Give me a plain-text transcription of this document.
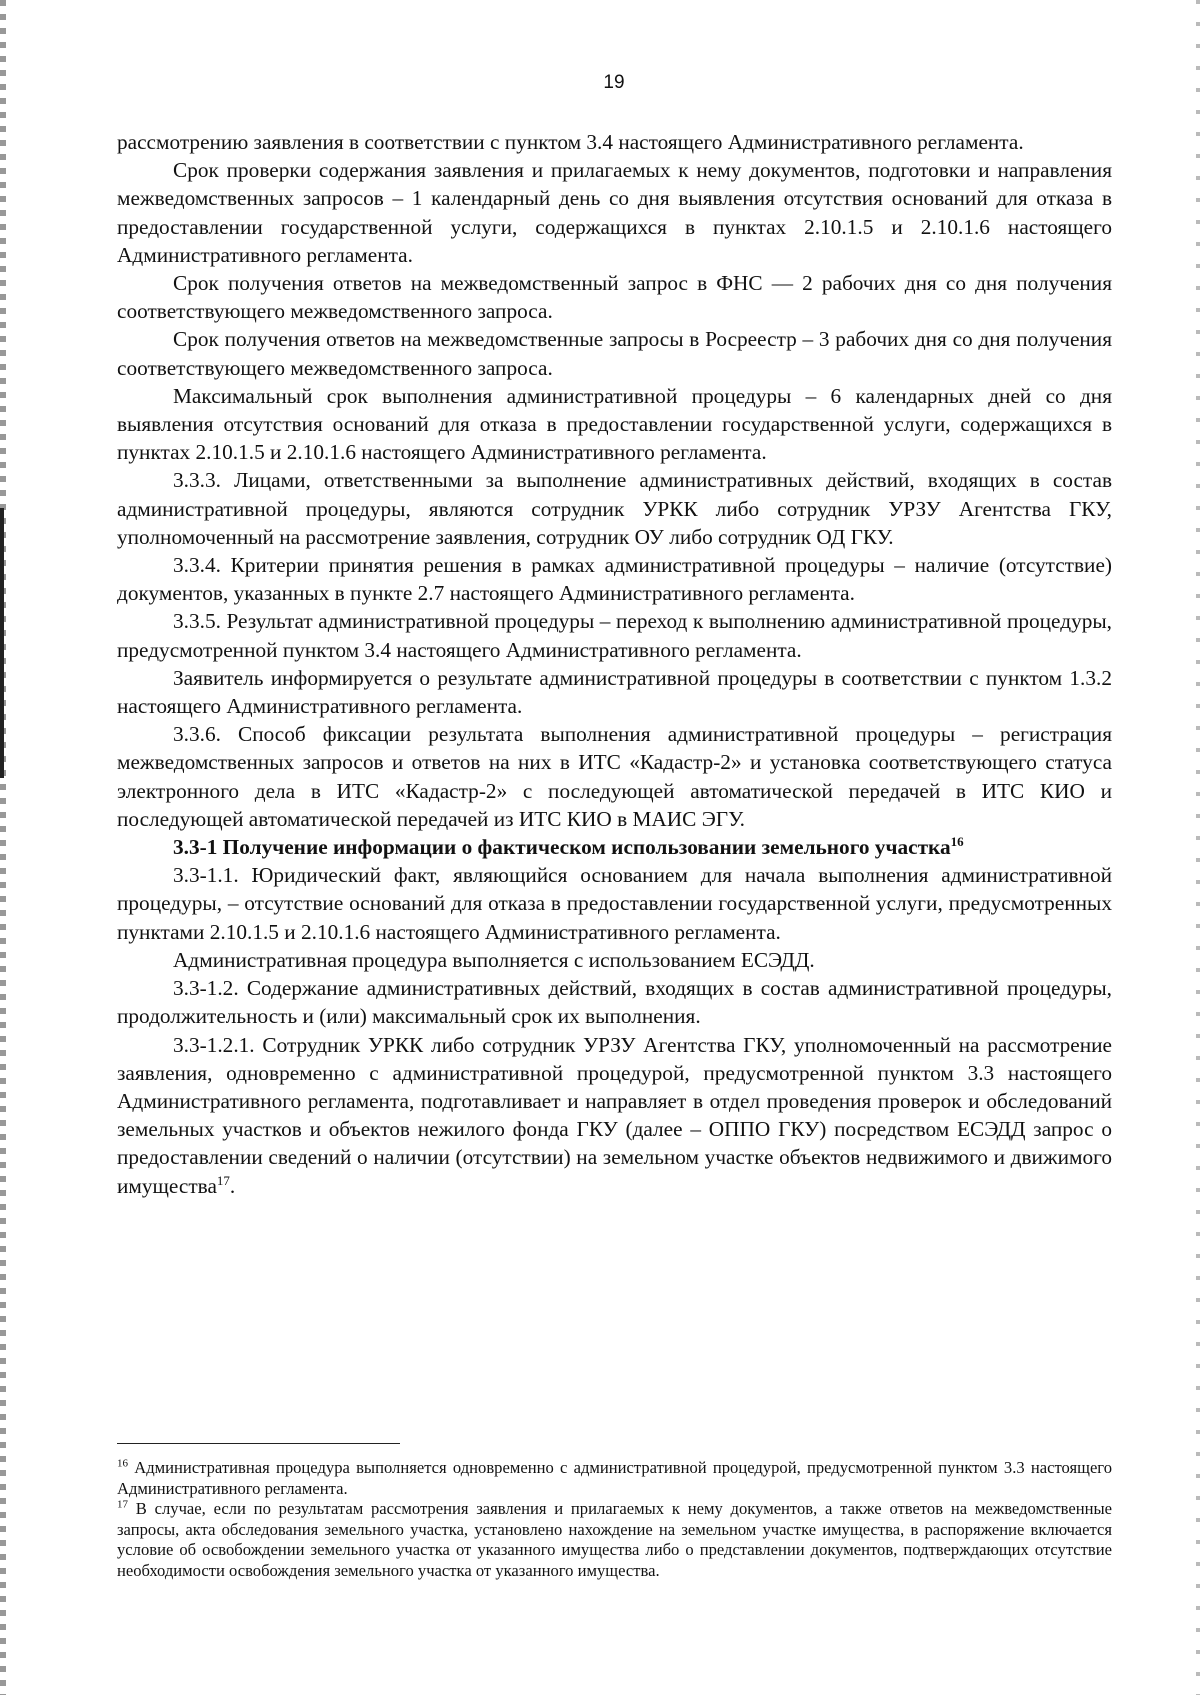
19

рассмотрению заявления в соответствии с пунктом 3.4 настоящего Административного регламента.

Срок проверки содержания заявления и прилагаемых к нему документов, подготовки и направления межведомственных запросов – 1 календарный день со дня выявления отсутствия оснований для отказа в предоставлении государственной услуги, содержащихся в пунктах 2.10.1.5 и 2.10.1.6 настоящего Административного регламента.

Срок получения ответов на межведомственный запрос в ФНС — 2 рабочих дня со дня получения соответствующего межведомственного запроса.

Срок получения ответов на межведомственные запросы в Росреестр – 3 рабочих дня со дня получения соответствующего межведомственного запроса.

Максимальный срок выполнения административной процедуры – 6 календарных дней со дня выявления отсутствия оснований для отказа в предоставлении государственной услуги, содержащихся в пунктах 2.10.1.5 и 2.10.1.6 настоящего Административного регламента.

3.3.3. Лицами, ответственными за выполнение административных действий, входящих в состав административной процедуры, являются сотрудник УРКК либо сотрудник УРЗУ Агентства ГКУ, уполномоченный на рассмотрение заявления, сотрудник ОУ либо сотрудник ОД ГКУ.

3.3.4. Критерии принятия решения в рамках административной процедуры – наличие (отсутствие) документов, указанных в пункте 2.7 настоящего Административного регламента.

3.3.5. Результат административной процедуры – переход к выполнению административной процедуры, предусмотренной пунктом 3.4 настоящего Административного регламента.

Заявитель информируется о результате административной процедуры в соответствии с пунктом 1.3.2 настоящего Административного регламента.

3.3.6. Способ фиксации результата выполнения административной процедуры – регистрация межведомственных запросов и ответов на них в ИТС «Кадастр-2» и установка соответствующего статуса электронного дела в ИТС «Кадастр-2» с последующей автоматической передачей в ИТС КИО и последующей автоматической передачей из ИТС КИО в МАИС ЭГУ.

3.3-1 Получение информации о фактическом использовании земельного участка$^{16}$

3.3-1.1. Юридический факт, являющийся основанием для начала выполнения административной процедуры, – отсутствие оснований для отказа в предоставлении государственной услуги, предусмотренных пунктами 2.10.1.5 и 2.10.1.6 настоящего Административного регламента.

Административная процедура выполняется с использованием ЕСЭДД.

3.3-1.2. Содержание административных действий, входящих в состав административной процедуры, продолжительность и (или) максимальный срок их выполнения.

3.3-1.2.1. Сотрудник УРКК либо сотрудник УРЗУ Агентства ГКУ, уполномоченный на рассмотрение заявления, одновременно с административной процедурой, предусмотренной пунктом 3.3 настоящего Административного регламента, подготавливает и направляет в отдел проведения проверок и обследований земельных участков и объектов нежилого фонда ГКУ (далее – ОППО ГКУ) посредством ЕСЭДД запрос о предоставлении сведений о наличии (отсутствии) на земельном участке объектов недвижимого и движимого имущества$^{17}$.

$^{16}$ Административная процедура выполняется одновременно с административной процедурой, предусмотренной пунктом 3.3 настоящего Административного регламента.

$^{17}$ В случае, если по результатам рассмотрения заявления и прилагаемых к нему документов, а также ответов на межведомственные запросы, акта обследования земельного участка, установлено нахождение на земельном участке имущества, в распоряжение включается условие об освобождении земельного участка от указанного имущества либо о представлении документов, подтверждающих отсутствие необходимости освобождения земельного участка от указанного имущества.
